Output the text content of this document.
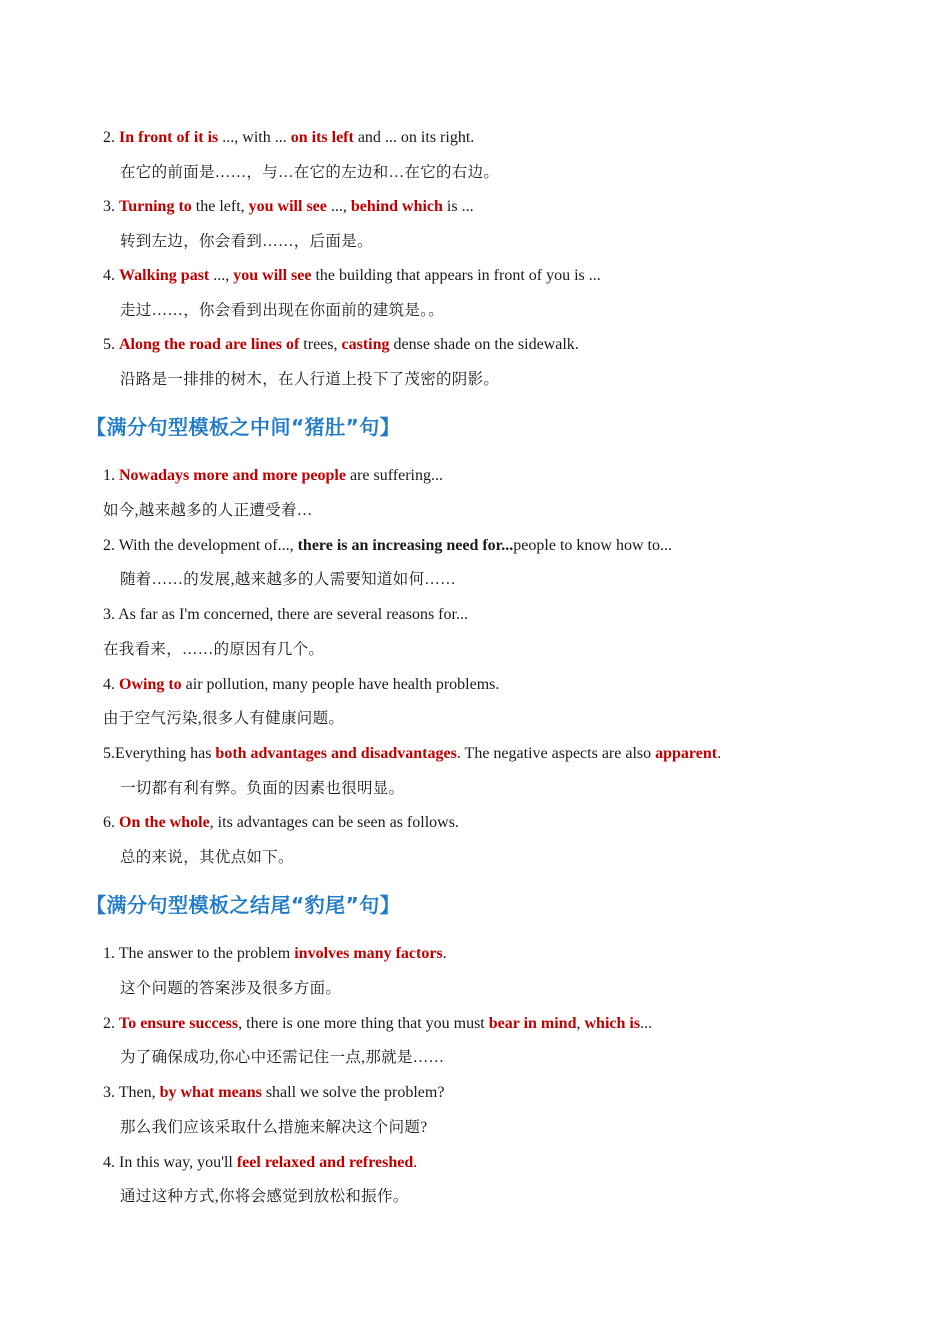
2. In front of it is ..., with ... on its left and ... on its right.
在它的前面是……，与…在它的左边和…在它的右边。
3. Turning to the left, you will see ..., behind which is ...
转到左边，你会看到……，后面是。
4. Walking past ..., you will see the building that appears in front of you is ...
走过……，你会看到出现在你面前的建筑是。。
5. Along the road are lines of trees, casting dense shade on the sidewalk.
沿路是一排排的树木，在人行道上投下了茂密的阴影。
【满分句型模板之中间“猪肚”句】
1. Nowadays more and more people are suffering...
如今,越来越多的人正遭受着…
2. With the development of..., there is an increasing need for...people to know how to...
随着……的发展,越来越多的人需要知道如何……
3. As far as I'm concerned, there are several reasons for...
在我看来，……的原因有几个。
4. Owing to air pollution, many people have health problems.
由于空气污染,很多人有健康问题。
5.Everything has both advantages and disadvantages. The negative aspects are also apparent.
一切都有利有弊。负面的因素也很明显。
6. On the whole, its advantages can be seen as follows.
总的来说，其优点如下。
【满分句型模板之结尾“豹尾”句】
1. The answer to the problem involves many factors.
这个问题的答案涉及很多方面。
2. To ensure success, there is one more thing that you must bear in mind, which is...
为了确保成功,你心中还需记住一点,那就是……
3. Then, by what means shall we solve the problem?
那么我们应该采取什么措施来解决这个问题?
4. In this way, you'll feel relaxed and refreshed.
通过这种方式,你将会感觉到放松和振作。
